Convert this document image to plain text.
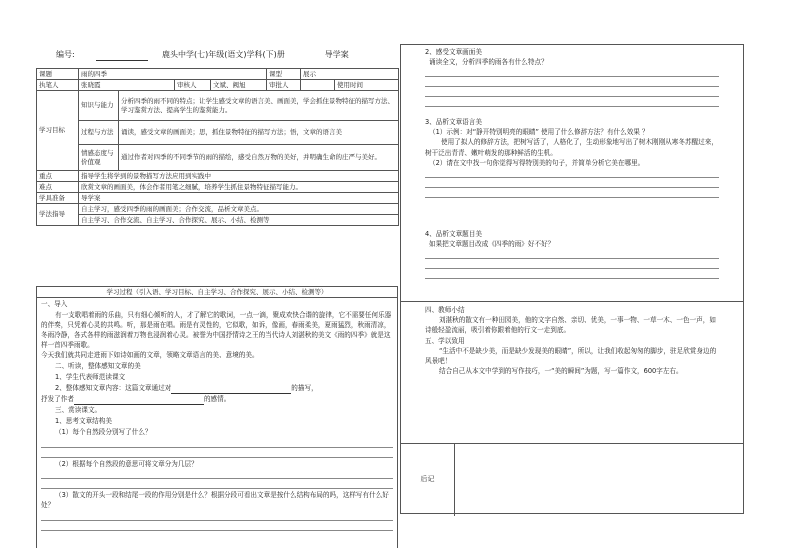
编号:	鹿头中学(七)年级(语文)学科(下)册	导学案
课题	雨的四季				课型	展示	
执笔人	张晓霞		审核人	文斌、阙旭	审批人		使用时间
学习目标	知识与能力	分析四季的雨不同的特点；让学生感受文章的语言美、画面美，学会抓住景物特征的描写方法、学习鉴赏方法、提高学生的鉴赏能力。					
	过程与方法	诵读，感受文章的画面美；思，抓住景物特征的描写方法；悟，文章的语言美					
	情感态度与价值观	通过作者对四季的不同季节的雨的描绘，感受自然万物的美好，并明确生命的庄严与美好。					
重点	指导学生将学到的景物描写方法应用到实践中						
难点	欣赏文章的画面美，体会作者用笔之细腻，培养学生抓住景物特征描写能力。						
学具准备	导学案						
学法指导	自主学习，感受四季的雨的画面美；合作交流，品析文章美点。						
	自主学习、合作交流、自主学习、合作探究、展示、小结、检测等						
学习过程（引入语、学习目标、自主学习、合作探究、展示、小结、检测等）

一、导入

有一支歌唱着雨的乐曲，只有细心倾听的人，才了解它的歌词，一点一滴，聚成欢快合谐的旋律，它不需要任何乐器的伴奏，只凭着心灵的共鸣。听，那是雨在唱。雨是有灵性的，它似歌，如诉，像画，春雨柔美，夏雨猛烈，秋雨清凉，冬雨冷静，各式各样的雨滋润着万物也浸润着心灵。被誉为中国抒情诗之王的当代诗人刘湛秋的美文《雨的四季》就是这样一首四季雨歌。

今天我们就共同走进雨下如诗如画的文章，领略文章语言的美、意境的美。

二、听读，整体感知文章的美

1、学生代表师范读课文

2、整体感知文章内容：这篇文章通过对	的描写，

抒发了作者	的感情。

三、赏读课文。

1、思考文章结构美

（1）每个自然段分别写了什么？

（2）根据每个自然段的意思可将文章分为几层？

（3）散文的开头一段和结尾一段的作用分别是什么？根据分段可看出文章是按什么结构布局的吗，这样写有什么好处？

2、感受文章画面美

诵读全文，分析四季的雨各有什么特点？

3、品析文章语言美

（1）示例：对“静开特别明亮的眼睛” 使用了什么修辞方法？有什么效果 ？

使用了拟人的修辞方法，把树写活了，人格化了，生动形象地写出了树木刚刚从寒冬苏醒过来，树干泛出青青、嫩叶萌发的那种鲜活的生机。

（2）请在文中找一句你觉得写得特别美的句子，并简单分析它美在哪里。

4、品析文章题目美

如果把文章题目改成《四季的雨》好不好？

四、教师小结

刘湛秋的散文有一种田园美，他的文字自然、亲切、优美，一事一物、一草一木、一色一声，如诗般轻盈流丽，吸引着你跟着他的行文一走到底。

五、学以致用

“生活中不是缺少美，而是缺少发现美的眼睛”，所以，让我们收起匆匆的脚步，驻足欣赏身边的风景吧！

结合自己从本文中学到的写作技巧，一“美的瞬间”为题，写一篇作文，600字左右。

后记
